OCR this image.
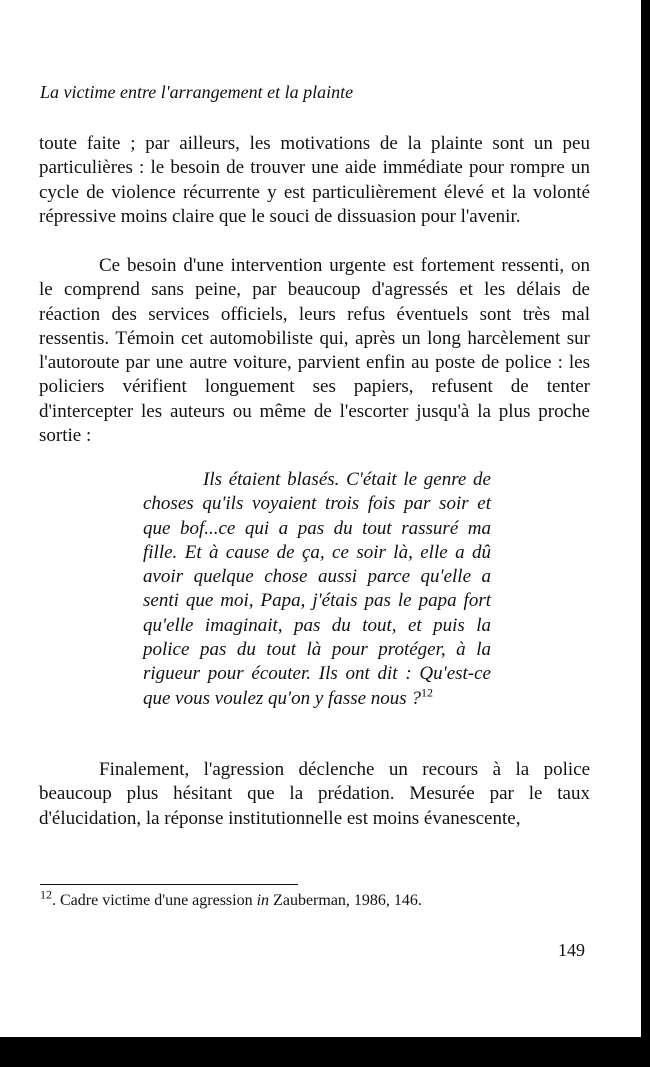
La victime entre l'arrangement et la plainte

toute faite ; par ailleurs, les motivations de la plainte sont un peu particulières : le besoin de trouver une aide immédiate pour rompre un cycle de violence récurrente y est particulièrement élevé et la volonté répressive moins claire que le souci de dissuasion pour l'avenir.

Ce besoin d'une intervention urgente est fortement ressenti, on le comprend sans peine, par beaucoup d'agressés et les délais de réaction des services officiels, leurs refus éventuels sont très mal ressentis. Témoin cet automobiliste qui, après un long harcèlement sur l'autoroute par une autre voiture, parvient enfin au poste de police : les policiers vérifient longuement ses papiers, refusent de tenter d'intercepter les auteurs ou même de l'escorter jusqu'à la plus proche sortie :

Ils étaient blasés. C'était le genre de choses qu'ils voyaient trois fois par soir et que bof...ce qui a pas du tout rassuré ma fille. Et à cause de ça, ce soir là, elle a dû avoir quelque chose aussi parce qu'elle a senti que moi, Papa, j'étais pas le papa fort qu'elle imaginait, pas du tout, et puis la police pas du tout là pour protéger, à la rigueur pour écouter. Ils ont dit : Qu'est-ce que vous voulez qu'on y fasse nous ?$^{12}$

Finalement, l'agression déclenche un recours à la police beaucoup plus hésitant que la prédation. Mesurée par le taux d'élucidation, la réponse institutionnelle est moins évanescente,

$^{12}$. Cadre victime d'une agression in Zauberman, 1986, 146.
149
